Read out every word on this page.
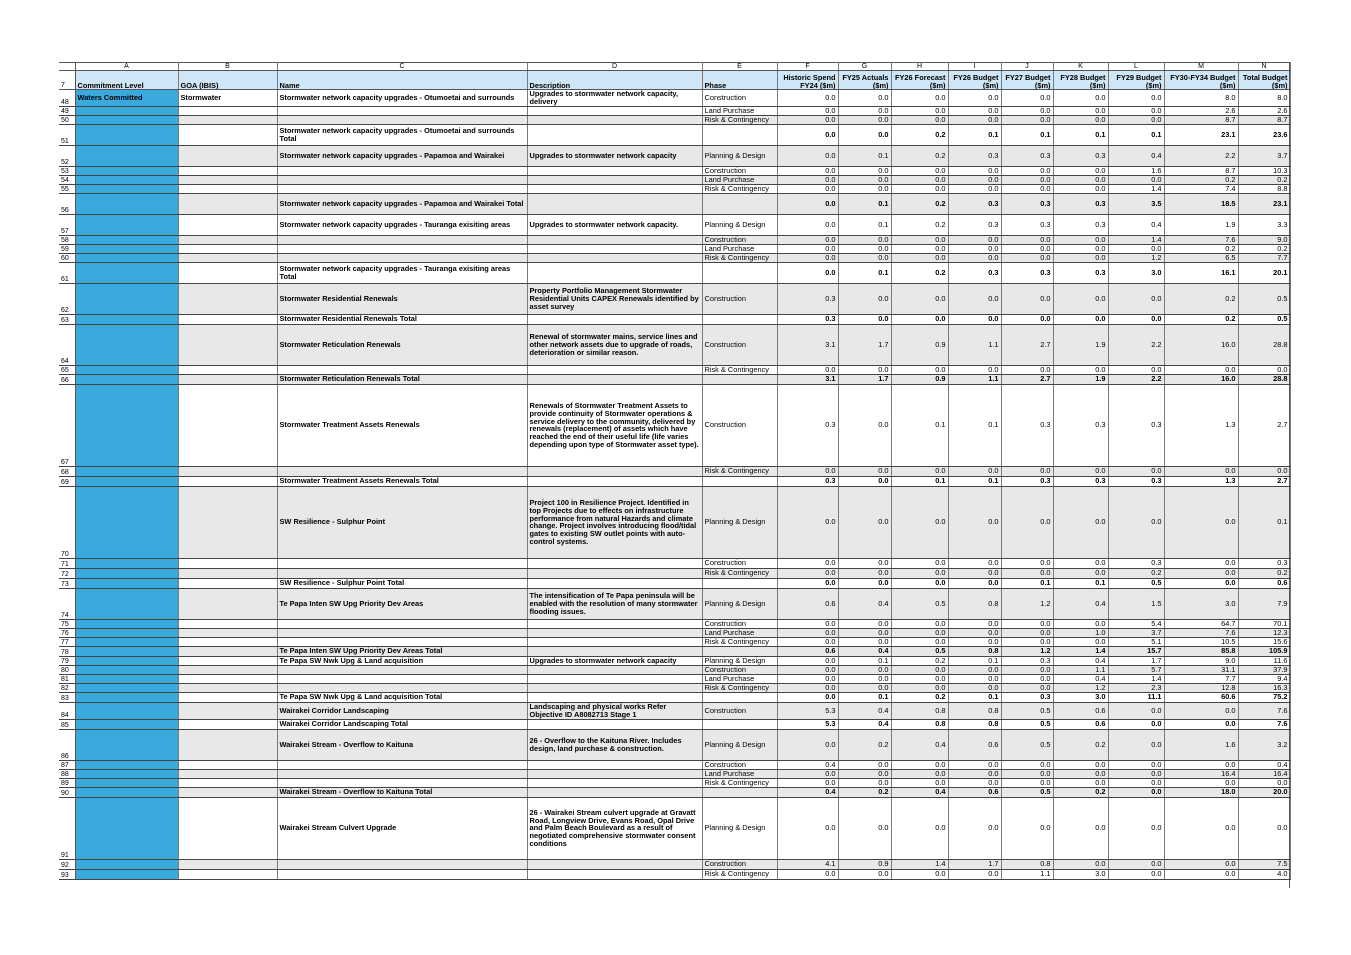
	A	B	C	D	E	F	G	H	I	J	K	L	M	N
7	Commitment Level	GOA (IBIS)	Name	Description	Phase	Historic Spend FY24 ($m)	FY25 Actuals ($m)	FY26 Forecast ($m)	FY26 Budget ($m)	FY27 Budget ($m)	FY28 Budget ($m)	FY29 Budget ($m)	FY30-FY34 Budget ($m)	Total Budget ($m)
48	Waters Committed	Stormwater	Stormwater network capacity upgrades - Otumoetai and surrounds	Upgrades to stormwater network capacity, delivery	Construction	0.0	0.0	0.0	0.0	0.0	0.0	0.0	8.0	8.0
49					Land Purchase	0.0	0.0	0.0	0.0	0.0	0.0	0.0	2.6	2.6
50					Risk & Contingency	0.0	0.0	0.0	0.0	0.0	0.0	0.0	8.7	8.7
51			Stormwater network capacity upgrades - Otumoetai and surrounds Total			0.0	0.0	0.2	0.1	0.1	0.1	0.1	23.1	23.6
52			Stormwater network capacity upgrades - Papamoa and Wairakei	Upgrades to stormwater network capacity	Planning & Design	0.0	0.1	0.2	0.3	0.3	0.3	0.4	2.2	3.7
53					Construction	0.0	0.0	0.0	0.0	0.0	0.0	1.6	8.7	10.3
54					Land Purchase	0.0	0.0	0.0	0.0	0.0	0.0	0.0	0.2	0.2
55					Risk & Contingency	0.0	0.0	0.0	0.0	0.0	0.0	1.4	7.4	8.8
56			Stormwater network capacity upgrades - Papamoa and Wairakei Total			0.0	0.1	0.2	0.3	0.3	0.3	3.5	18.5	23.1
57			Stormwater network capacity upgrades - Tauranga exisiting areas	Upgrades to stormwater network capacity.	Planning & Design	0.0	0.1	0.2	0.3	0.3	0.3	0.4	1.9	3.3
58					Construction	0.0	0.0	0.0	0.0	0.0	0.0	1.4	7.6	9.0
59					Land Purchase	0.0	0.0	0.0	0.0	0.0	0.0	0.0	0.2	0.2
60					Risk & Contingency	0.0	0.0	0.0	0.0	0.0	0.0	1.2	6.5	7.7
61			Stormwater network capacity upgrades - Tauranga exisiting areas Total			0.0	0.1	0.2	0.3	0.3	0.3	3.0	16.1	20.1
62			Stormwater Residential Renewals	Property Portfolio Management Stormwater Residential Units CAPEX Renewals identified by asset survey	Construction	0.3	0.0	0.0	0.0	0.0	0.0	0.0	0.2	0.5
63			Stormwater Residential Renewals Total			0.3	0.0	0.0	0.0	0.0	0.0	0.0	0.2	0.5
64			Stormwater Reticulation Renewals	Renewal of stormwater mains, service lines and other network assets due to upgrade of roads, deterioration or similar reason.	Construction	3.1	1.7	0.9	1.1	2.7	1.9	2.2	16.0	28.8
65					Risk & Contingency	0.0	0.0	0.0	0.0	0.0	0.0	0.0	0.0	0.0
66			Stormwater Reticulation Renewals Total			3.1	1.7	0.9	1.1	2.7	1.9	2.2	16.0	28.8
67			Stormwater Treatment Assets Renewals	Renewals of Stormwater Treatment Assets to provide continuity of Stormwater operations & service delivery to the community, delivered by renewals (replacement) of assets which have reached the end of their useful life (life varies depending upon type of Stormwater asset type).	Construction	0.3	0.0	0.1	0.1	0.3	0.3	0.3	1.3	2.7
68					Risk & Contingency	0.0	0.0	0.0	0.0	0.0	0.0	0.0	0.0	0.0
69			Stormwater Treatment Assets Renewals Total			0.3	0.0	0.1	0.1	0.3	0.3	0.3	1.3	2.7
70			SW Resilience - Sulphur Point	Project 100 in Resilience Project. Identified in top Projects due to effects on infrastructure performance from natural Hazards and climate change. Project involves introducing flood/tidal gates to existing SW outlet points with auto-control systems.	Planning & Design	0.0	0.0	0.0	0.0	0.0	0.0	0.0	0.0	0.1
71					Construction	0.0	0.0	0.0	0.0	0.0	0.0	0.3	0.0	0.3
72					Risk & Contingency	0.0	0.0	0.0	0.0	0.0	0.0	0.2	0.0	0.2
73			SW Resilience - Sulphur Point Total			0.0	0.0	0.0	0.0	0.1	0.1	0.5	0.0	0.6
74			Te Papa Inten SW Upg Priority Dev Areas	The intensification of Te Papa peninsula will be enabled with the resolution of many stormwater flooding issues.	Planning & Design	0.6	0.4	0.5	0.8	1.2	0.4	1.5	3.0	7.9
75					Construction	0.0	0.0	0.0	0.0	0.0	0.0	5.4	64.7	70.1
76					Land Purchase	0.0	0.0	0.0	0.0	0.0	1.0	3.7	7.6	12.3
77					Risk & Contingency	0.0	0.0	0.0	0.0	0.0	0.0	5.1	10.5	15.6
78			Te Papa Inten SW Upg Priority Dev Areas Total			0.6	0.4	0.5	0.8	1.2	1.4	15.7	85.8	105.9
79			Te Papa SW Nwk Upg & Land acquisition	Upgrades to stormwater network capacity	Planning & Design	0.0	0.1	0.2	0.1	0.3	0.4	1.7	9.0	11.6
80					Construction	0.0	0.0	0.0	0.0	0.0	1.1	5.7	31.1	37.9
81					Land Purchase	0.0	0.0	0.0	0.0	0.0	0.4	1.4	7.7	9.4
82					Risk & Contingency	0.0	0.0	0.0	0.0	0.0	1.2	2.3	12.8	16.3
83			Te Papa SW Nwk Upg & Land acquisition Total			0.0	0.1	0.2	0.1	0.3	3.0	11.1	60.6	75.2
84			Wairakei Corridor Landscaping	Landscaping and physical works Refer Objective ID A8082713 Stage 1	Construction	5.3	0.4	0.8	0.8	0.5	0.6	0.0	0.0	7.6
85			Wairakei Corridor Landscaping Total			5.3	0.4	0.8	0.8	0.5	0.6	0.0	0.0	7.6
86			Wairakei Stream - Overflow to Kaituna	26 - Overflow to the Kaituna River. Includes design, land purchase & construction.	Planning & Design	0.0	0.2	0.4	0.6	0.5	0.2	0.0	1.6	3.2
87					Construction	0.4	0.0	0.0	0.0	0.0	0.0	0.0	0.0	0.4
88					Land Purchase	0.0	0.0	0.0	0.0	0.0	0.0	0.0	16.4	16.4
89					Risk & Contingency	0.0	0.0	0.0	0.0	0.0	0.0	0.0	0.0	0.0
90			Wairakei Stream - Overflow to Kaituna Total			0.4	0.2	0.4	0.6	0.5	0.2	0.0	18.0	20.0
91			Wairakei Stream Culvert Upgrade	26 - Wairakei Stream culvert upgrade at Gravatt Road, Longview Drive, Evans Road, Opal Drive and Palm Beach Boulevard as a result of negotiated comprehensive stormwater consent conditions	Planning & Design	0.0	0.0	0.0	0.0	0.0	0.0	0.0	0.0	0.0
92					Construction	4.1	0.9	1.4	1.7	0.8	0.0	0.0	0.0	7.5
93					Risk & Contingency	0.0	0.0	0.0	0.0	1.1	3.0	0.0	0.0	4.0
